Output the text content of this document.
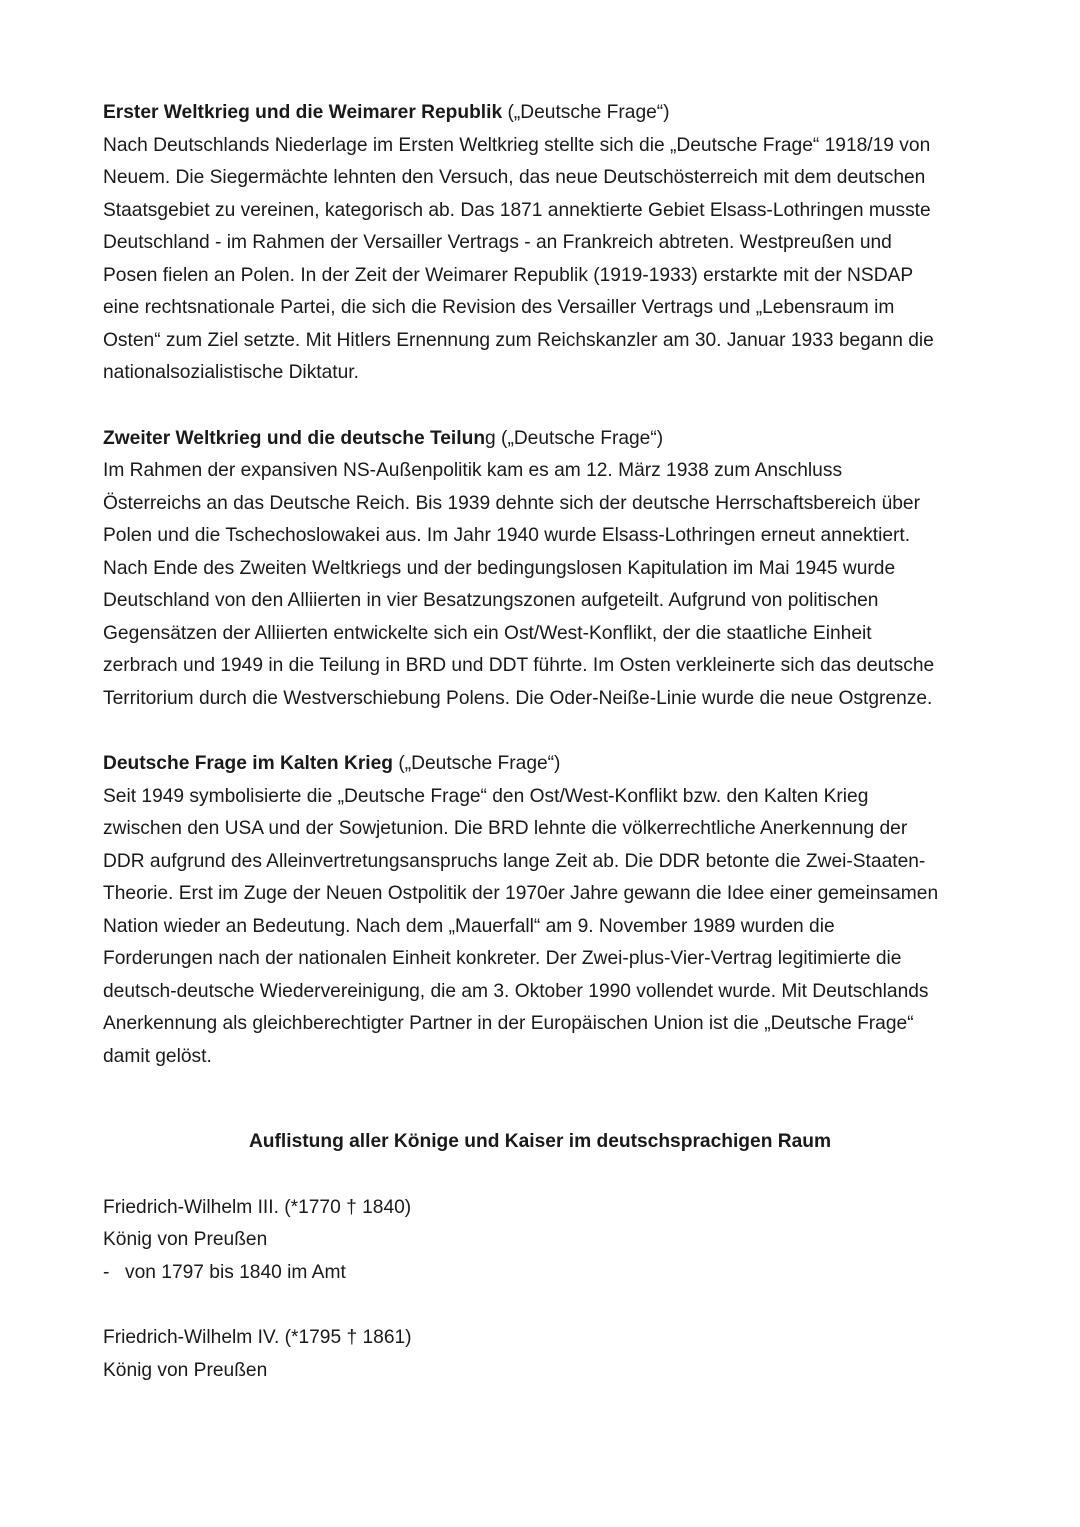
Erster Weltkrieg und die Weimarer Republik („Deutsche Frage“)

Nach Deutschlands Niederlage im Ersten Weltkrieg stellte sich die „Deutsche Frage“ 1918/19 von
Neuem. Die Siegermächte lehnten den Versuch, das neue Deutschösterreich mit dem deutschen
Staatsgebiet zu vereinen, kategorisch ab. Das 1871 annektierte Gebiet Elsass-Lothringen musste
Deutschland - im Rahmen der Versailler Vertrags - an Frankreich abtreten. Westpreußen und
Posen fielen an Polen. In der Zeit der Weimarer Republik (1919-1933) erstarkte mit der NSDAP
eine rechtsnationale Partei, die sich die Revision des Versailler Vertrags und „Lebensraum im
Osten“ zum Ziel setzte. Mit Hitlers Ernennung zum Reichskanzler am 30. Januar 1933 begann die
nationalsozialistische Diktatur.

Zweiter Weltkrieg und die deutsche Teilung („Deutsche Frage“)

Im Rahmen der expansiven NS-Außenpolitik kam es am 12. März 1938 zum Anschluss
Österreichs an das Deutsche Reich. Bis 1939 dehnte sich der deutsche Herrschaftsbereich über
Polen und die Tschechoslowakei aus. Im Jahr 1940 wurde Elsass-Lothringen erneut annektiert.
Nach Ende des Zweiten Weltkriegs und der bedingungslosen Kapitulation im Mai 1945 wurde
Deutschland von den Alliierten in vier Besatzungszonen aufgeteilt. Aufgrund von politischen
Gegensätzen der Alliierten entwickelte sich ein Ost/West-Konflikt, der die staatliche Einheit
zerbrach und 1949 in die Teilung in BRD und DDT führte. Im Osten verkleinerte sich das deutsche
Territorium durch die Westverschiebung Polens. Die Oder-Neiße-Linie wurde die neue Ostgrenze.

Deutsche Frage im Kalten Krieg („Deutsche Frage“)

Seit 1949 symbolisierte die „Deutsche Frage“ den Ost/West-Konflikt bzw. den Kalten Krieg
zwischen den USA und der Sowjetunion. Die BRD lehnte die völkerrechtliche Anerkennung der
DDR aufgrund des Alleinvertretungsanspruchs lange Zeit ab. Die DDR betonte die Zwei-Staaten-
Theorie. Erst im Zuge der Neuen Ostpolitik der 1970er Jahre gewann die Idee einer gemeinsamen
Nation wieder an Bedeutung. Nach dem „Mauerfall“ am 9. November 1989 wurden die
Forderungen nach der nationalen Einheit konkreter. Der Zwei-plus-Vier-Vertrag legitimierte die
deutsch-deutsche Wiedervereinigung, die am 3. Oktober 1990 vollendet wurde. Mit Deutschlands
Anerkennung als gleichberechtigter Partner in der Europäischen Union ist die „Deutsche Frage“
damit gelöst.

Auflistung aller Könige und Kaiser im deutschsprachigen Raum

Friedrich-Wilhelm III. (*1770 † 1840)

König von Preußen

- von 1797 bis 1840 im Amt

Friedrich-Wilhelm IV. (*1795 † 1861)

König von Preußen
